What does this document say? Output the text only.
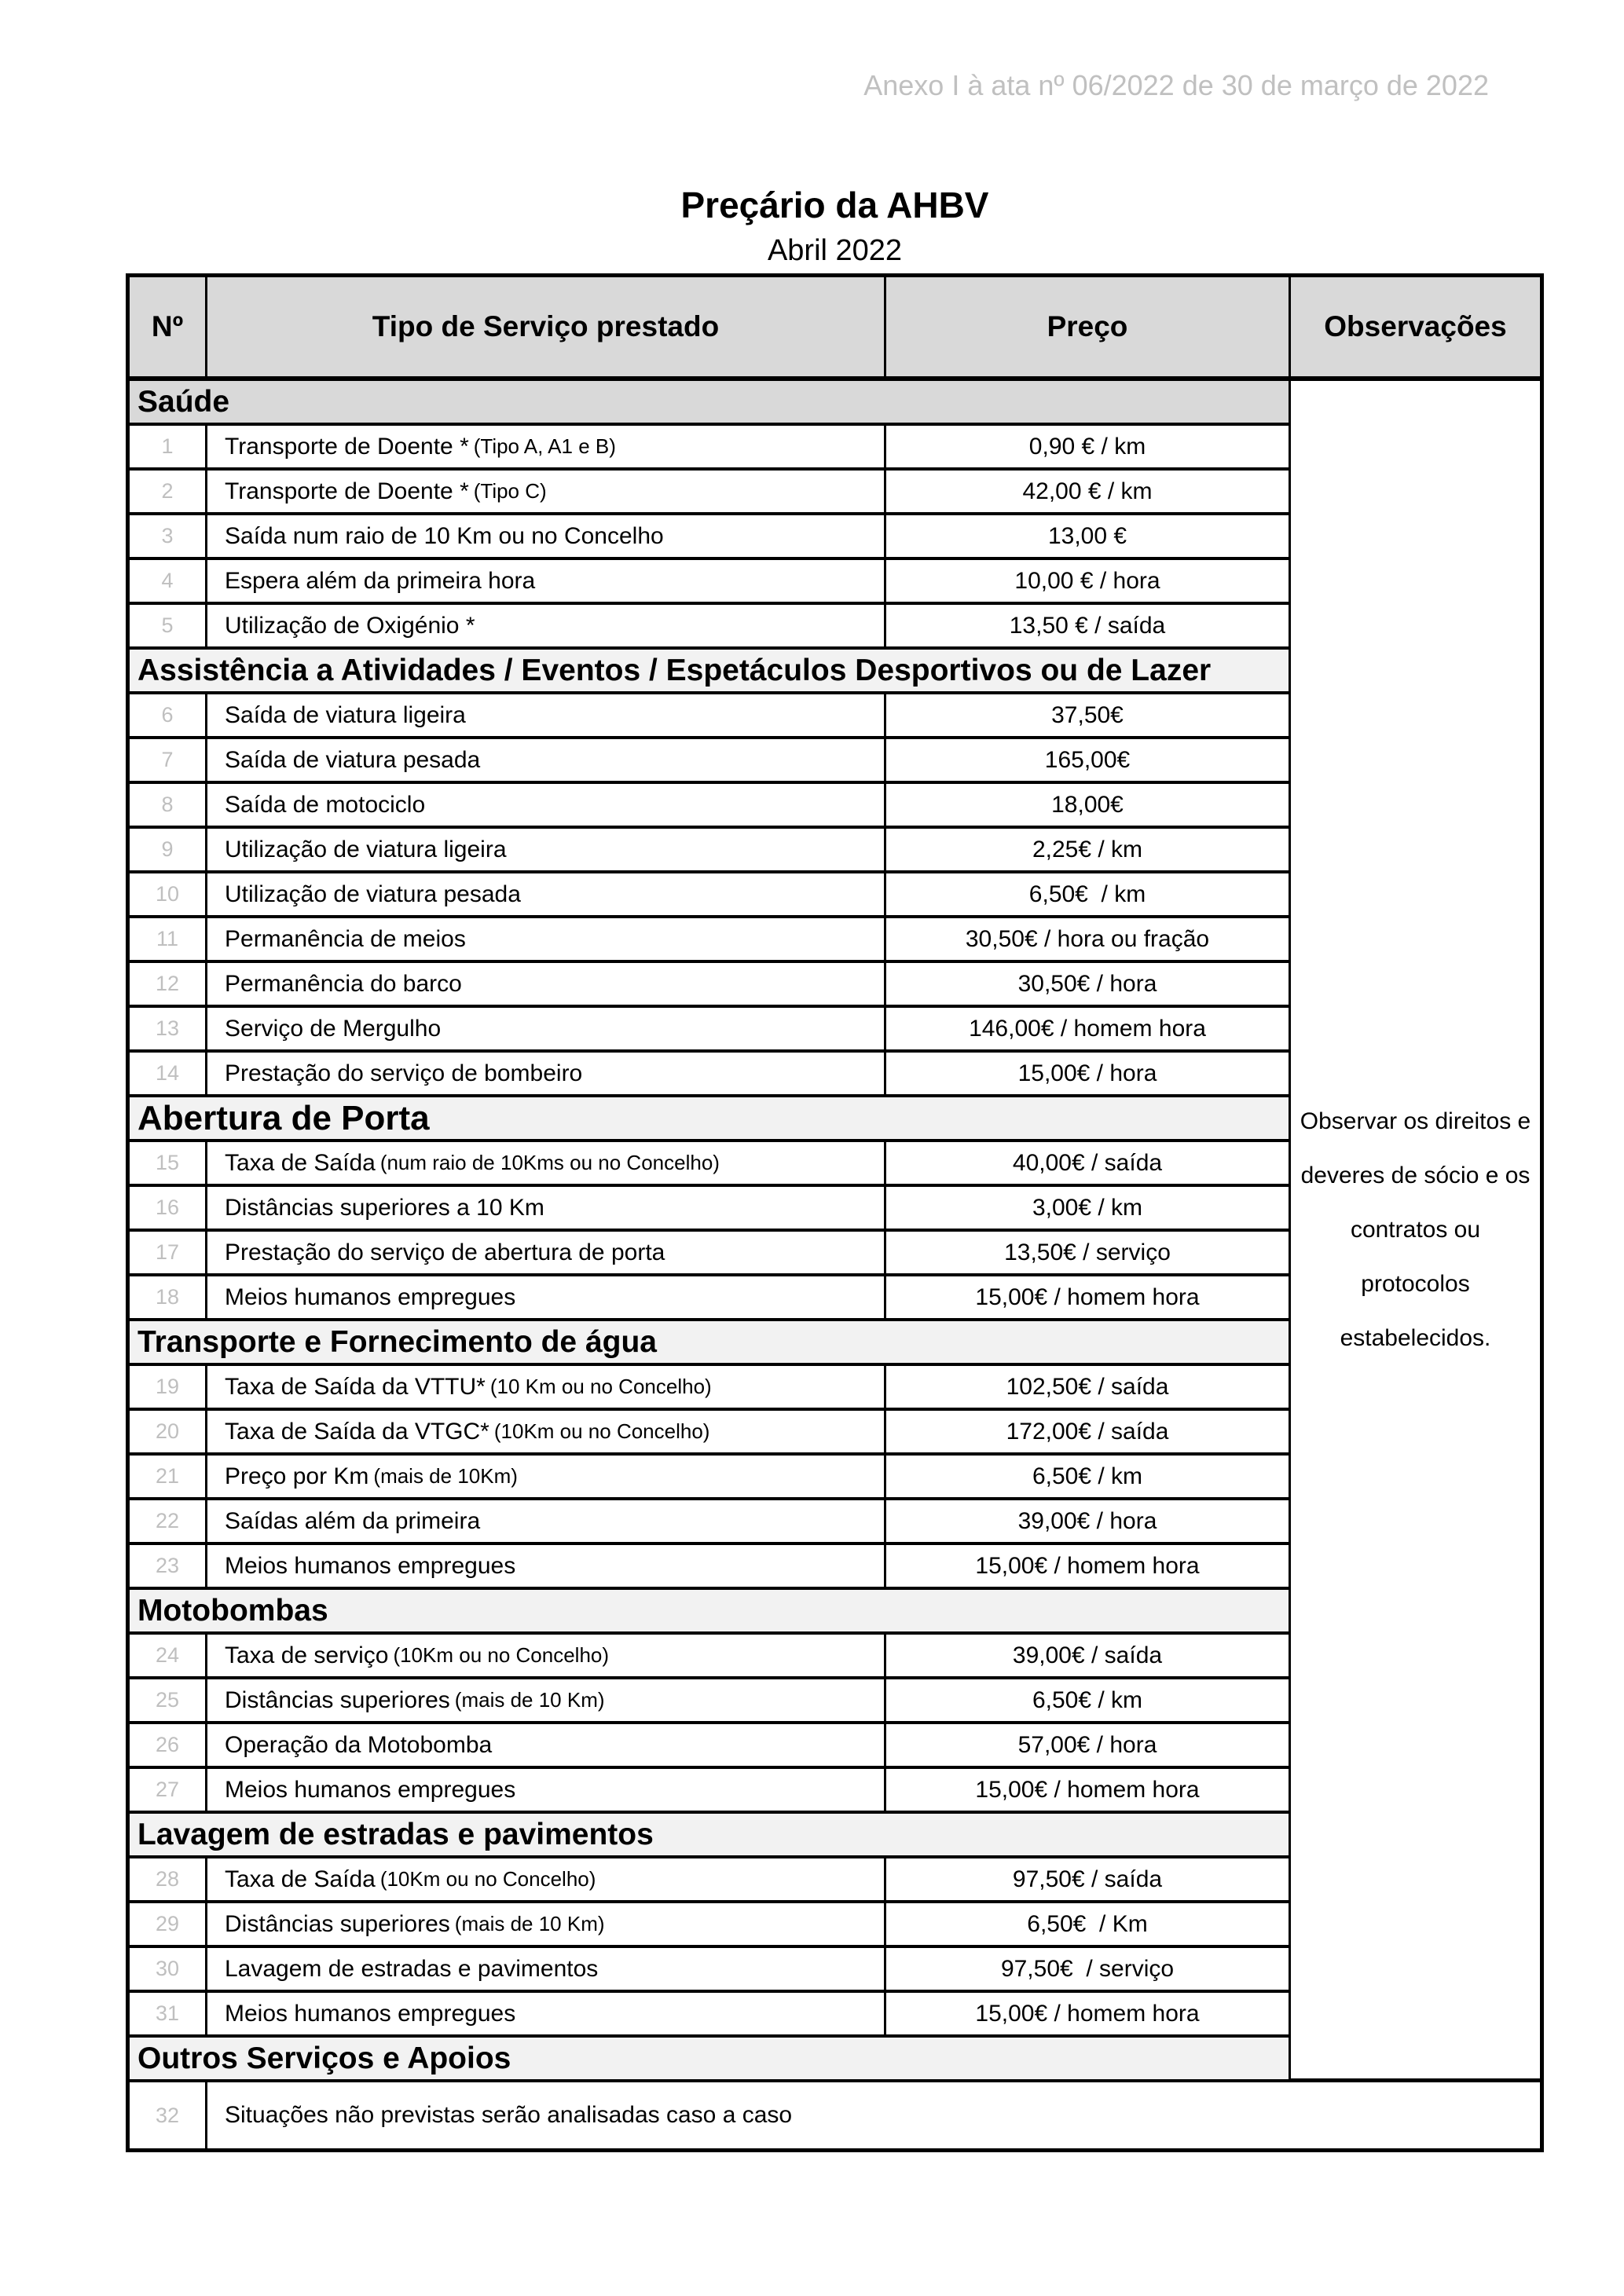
Anexo I à ata nº 06/2022 de 30 de março de 2022
Preçário da AHBV
Abril 2022
Nº	Tipo de Serviço prestado	Preço	Observações
Observar os direitos e deveres de sócio e os contratos ou protocolos estabelecidos.
Saúde
1	Transporte de Doente * (Tipo A, A1 e B)	0,90 € / km
2	Transporte de Doente * (Tipo C)	42,00 € / km
3	Saída num raio de 10 Km ou no Concelho	13,00 €
4	Espera além da primeira hora	10,00 € / hora
5	Utilização de Oxigénio *	13,50 € / saída
Assistência a Atividades / Eventos / Espetáculos Desportivos ou de Lazer
6	Saída de viatura ligeira	37,50€
7	Saída de viatura pesada	165,00€
8	Saída de motociclo	18,00€
9	Utilização de viatura ligeira	2,25€ / km
10	Utilização de viatura pesada	6,50€  / km
11	Permanência de meios	30,50€ / hora ou fração
12	Permanência do barco	30,50€ / hora
13	Serviço de Mergulho	146,00€ / homem hora
14	Prestação do serviço de bombeiro	15,00€ / hora
Abertura de Porta
15	Taxa de Saída (num raio de 10Kms ou no Concelho)	40,00€ / saída
16	Distâncias superiores a 10 Km	3,00€ / km
17	Prestação do serviço de abertura de porta	13,50€ / serviço
18	Meios humanos empregues	15,00€ / homem hora
Transporte e Fornecimento de água
19	Taxa de Saída da VTTU* (10 Km ou no Concelho)	102,50€ / saída
20	Taxa de Saída da VTGC* (10Km ou no Concelho)	172,00€ / saída
21	Preço por Km (mais de 10Km)	6,50€ / km
22	Saídas além da primeira	39,00€ / hora
23	Meios humanos empregues	15,00€ / homem hora
Motobombas
24	Taxa de serviço (10Km ou no Concelho)	39,00€ / saída
25	Distâncias superiores (mais de 10 Km)	6,50€ / km
26	Operação da Motobomba	57,00€ / hora
27	Meios humanos empregues	15,00€ / homem hora
Lavagem de estradas e pavimentos
28	Taxa de Saída (10Km ou no Concelho)	97,50€ / saída
29	Distâncias superiores (mais de 10 Km)	6,50€  / Km
30	Lavagem de estradas e pavimentos	97,50€  / serviço
31	Meios humanos empregues	15,00€ / homem hora
Outros Serviços e Apoios
32	Situações não previstas serão analisadas caso a caso
